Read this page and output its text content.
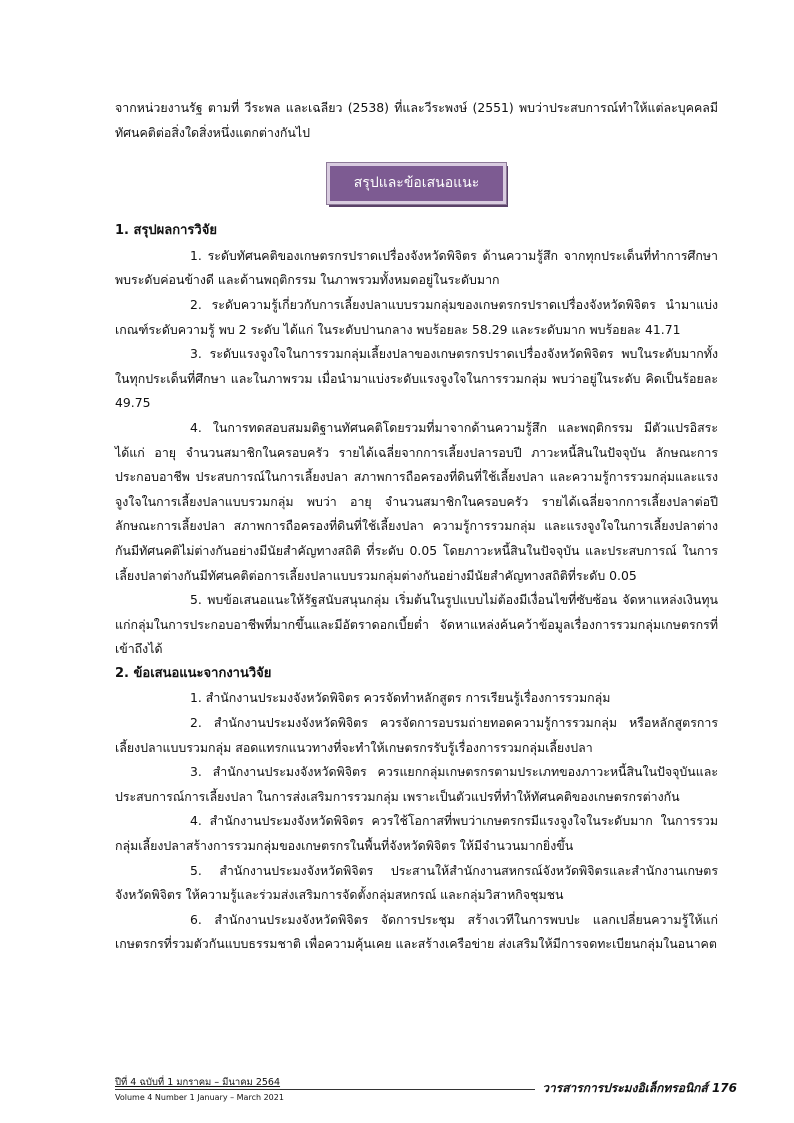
จากหน่วยงานรัฐ ตามที่ วีระพล และเฉลียว (2538) ที่และวีระพงษ์ (2551) พบว่าประสบการณ์ทำให้แต่ละบุคคลมีทัศนคติต่อสิ่งใดสิ่งหนึ่งแตกต่างกันไป

สรุปและข้อเสนอแนะ
1. สรุปผลการวิจัย

1. ระดับทัศนคติของเกษตรกรปราดเปรื่องจังหวัดพิจิตร ด้านความรู้สึก จากทุกประเด็นที่ทำการศึกษาพบระดับค่อนข้างดี และด้านพฤติกรรม ในภาพรวมทั้งหมดอยู่ในระดับมาก

2. ระดับความรู้เกี่ยวกับการเลี้ยงปลาแบบรวมกลุ่มของเกษตรกรปราดเปรื่องจังหวัดพิจิตร นำมาแบ่งเกณฑ์ระดับความรู้ พบ 2 ระดับ ได้แก่ ในระดับปานกลาง พบร้อยละ 58.29 และระดับมาก พบร้อยละ 41.71

3. ระดับแรงจูงใจในการรวมกลุ่มเลี้ยงปลาของเกษตรกรปราดเปรื่องจังหวัดพิจิตร พบในระดับมากทั้งในทุกประเด็นที่ศึกษา และในภาพรวม เมื่อนำมาแบ่งระดับแรงจูงใจในการรวมกลุ่ม พบว่าอยู่ในระดับ คิดเป็นร้อยละ 49.75

4. ในการทดสอบสมมติฐานทัศนคติโดยรวมที่มาจากด้านความรู้สึก และพฤติกรรม มีตัวแปรอิสระ ได้แก่ อายุ จำนวนสมาชิกในครอบครัว รายได้เฉลี่ยจากการเลี้ยงปลารอบปี ภาวะหนี้สินในปัจจุบัน ลักษณะการประกอบอาชีพ ประสบการณ์ในการเลี้ยงปลา สภาพการถือครองที่ดินที่ใช้เลี้ยงปลา และความรู้การรวมกลุ่มและแรงจูงใจในการเลี้ยงปลาแบบรวมกลุ่ม พบว่า อายุ จำนวนสมาชิกในครอบครัว รายได้เฉลี่ยจากการเลี้ยงปลาต่อปี ลักษณะการเลี้ยงปลา สภาพการถือครองที่ดินที่ใช้เลี้ยงปลา ความรู้การรวมกลุ่ม และแรงจูงใจในการเลี้ยงปลาต่างกันมีทัศนคติไม่ต่างกันอย่างมีนัยสำคัญทางสถิติ ที่ระดับ 0.05 โดยภาวะหนี้สินในปัจจุบัน และประสบการณ์ ในการเลี้ยงปลาต่างกันมีทัศนคติต่อการเลี้ยงปลาแบบรวมกลุ่มต่างกันอย่างมีนัยสำคัญทางสถิติที่ระดับ 0.05

5. พบข้อเสนอแนะให้รัฐสนับสนุนกลุ่ม เริ่มต้นในรูปแบบไม่ต้องมีเงื่อนไขที่ซับซ้อน จัดหาแหล่งเงินทุนแก่กลุ่มในการประกอบอาชีพที่มากขึ้นและมีอัตราดอกเบี้ยต่ำ จัดหาแหล่งค้นคว้าข้อมูลเรื่องการรวมกลุ่มเกษตรกรที่เข้าถึงได้

2. ข้อเสนอแนะจากงานวิจัย

1. สำนักงานประมงจังหวัดพิจิตร ควรจัดทำหลักสูตร การเรียนรู้เรื่องการรวมกลุ่ม

2. สำนักงานประมงจังหวัดพิจิตร ควรจัดการอบรมถ่ายทอดความรู้การรวมกลุ่ม หรือหลักสูตรการเลี้ยงปลาแบบรวมกลุ่ม สอดแทรกแนวทางที่จะทำให้เกษตรกรรับรู้เรื่องการรวมกลุ่มเลี้ยงปลา

3. สำนักงานประมงจังหวัดพิจิตร ควรแยกกลุ่มเกษตรกรตามประเภทของภาวะหนี้สินในปัจจุบันและประสบการณ์การเลี้ยงปลา ในการส่งเสริมการรวมกลุ่ม เพราะเป็นตัวแปรที่ทำให้ทัศนคติของเกษตรกรต่างกัน

4. สำนักงานประมงจังหวัดพิจิตร ควรใช้โอกาสที่พบว่าเกษตรกรมีแรงจูงใจในระดับมาก ในการรวมกลุ่มเลี้ยงปลาสร้างการรวมกลุ่มของเกษตรกรในพื้นที่จังหวัดพิจิตร ให้มีจำนวนมากยิ่งขึ้น

5. สำนักงานประมงจังหวัดพิจิตร ประสานให้สำนักงานสหกรณ์จังหวัดพิจิตรและสำนักงานเกษตรจังหวัดพิจิตร ให้ความรู้และร่วมส่งเสริมการจัดตั้งกลุ่มสหกรณ์ และกลุ่มวิสาหกิจชุมชน

6. สำนักงานประมงจังหวัดพิจิตร จัดการประชุม สร้างเวทีในการพบปะ แลกเปลี่ยนความรู้ให้แก่เกษตรกรที่รวมตัวกันแบบธรรมชาติ เพื่อความคุ้นเคย และสร้างเครือข่าย ส่งเสริมให้มีการจดทะเบียนกลุ่มในอนาคต

ปีที่ 4 ฉบับที่ 1 มกราคม – มีนาคม 2564
Volume 4 Number 1 January – March 2021
วารสารการประมงอิเล็กทรอนิกส์ 176
